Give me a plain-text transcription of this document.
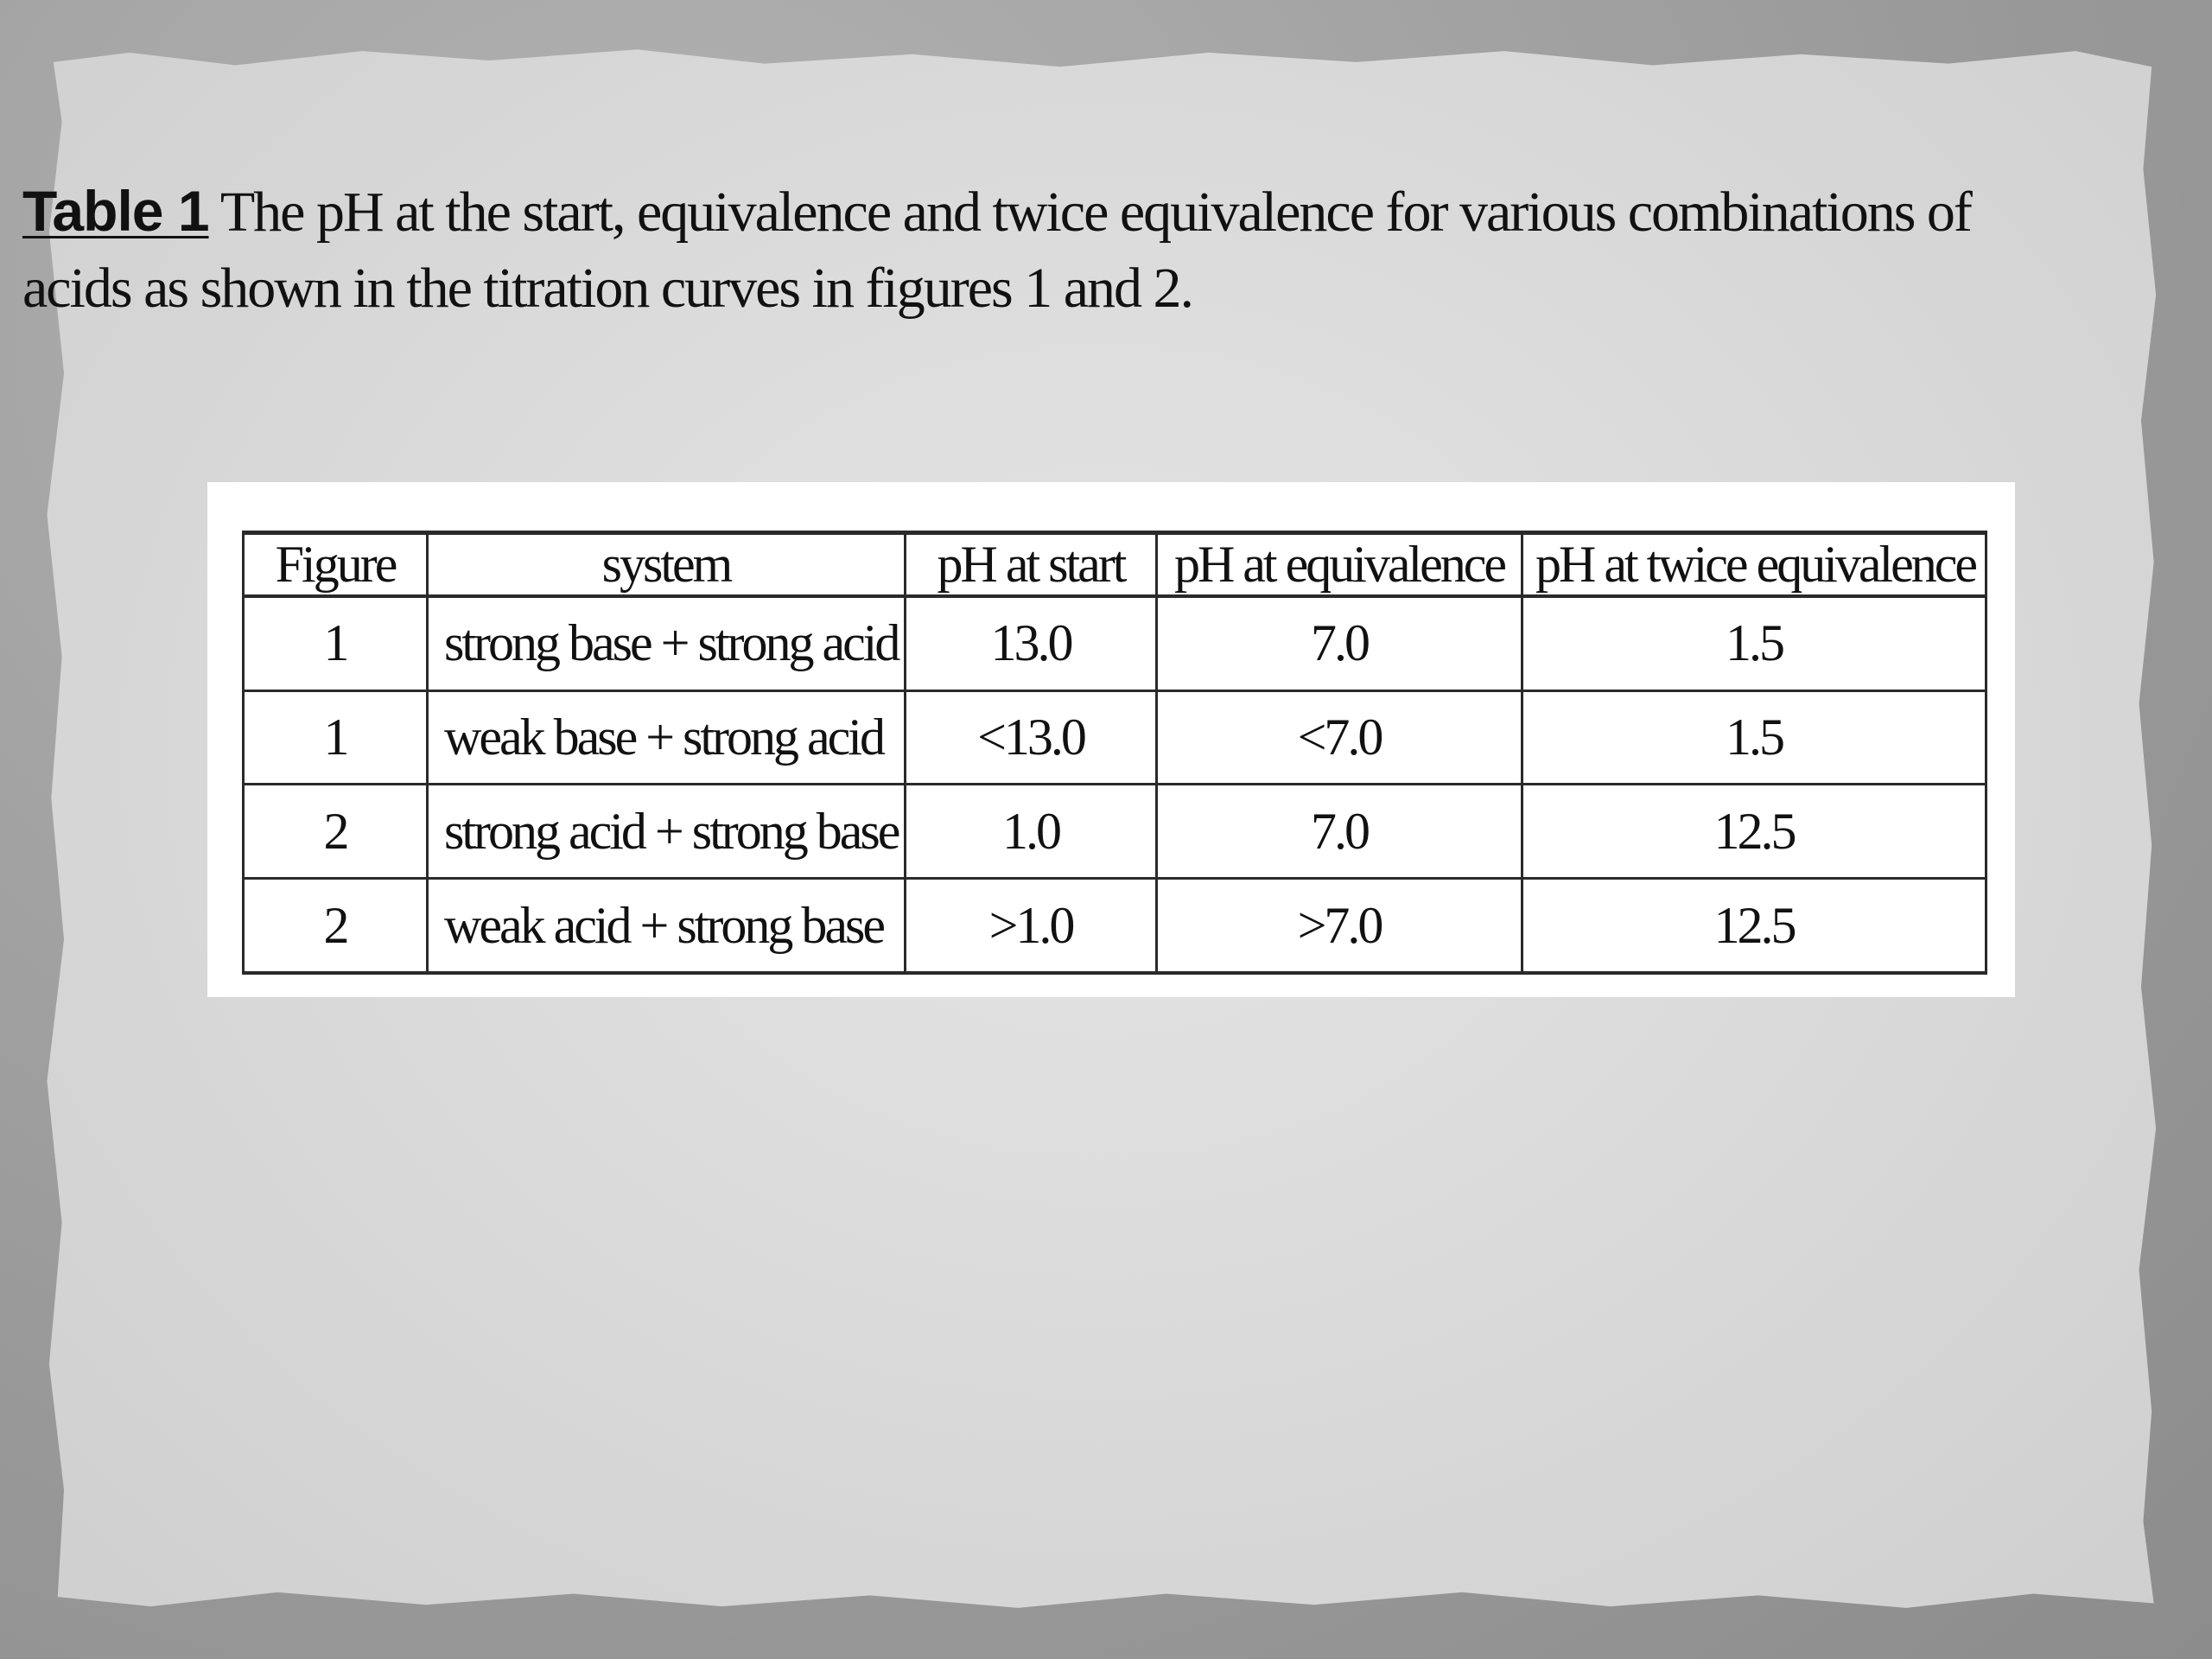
Table 1 The pH at the start, equivalence and twice equivalence for various combinations of acids as shown in the titration curves in figures 1 and 2.

Figure	system	pH at start	pH at equivalence	pH at twice equivalence
1	strong base + strong acid	13.0	7.0	1.5
1	weak base + strong acid	<13.0	<7.0	1.5
2	strong acid + strong base	1.0	7.0	12.5
2	weak acid + strong base	>1.0	>7.0	12.5
